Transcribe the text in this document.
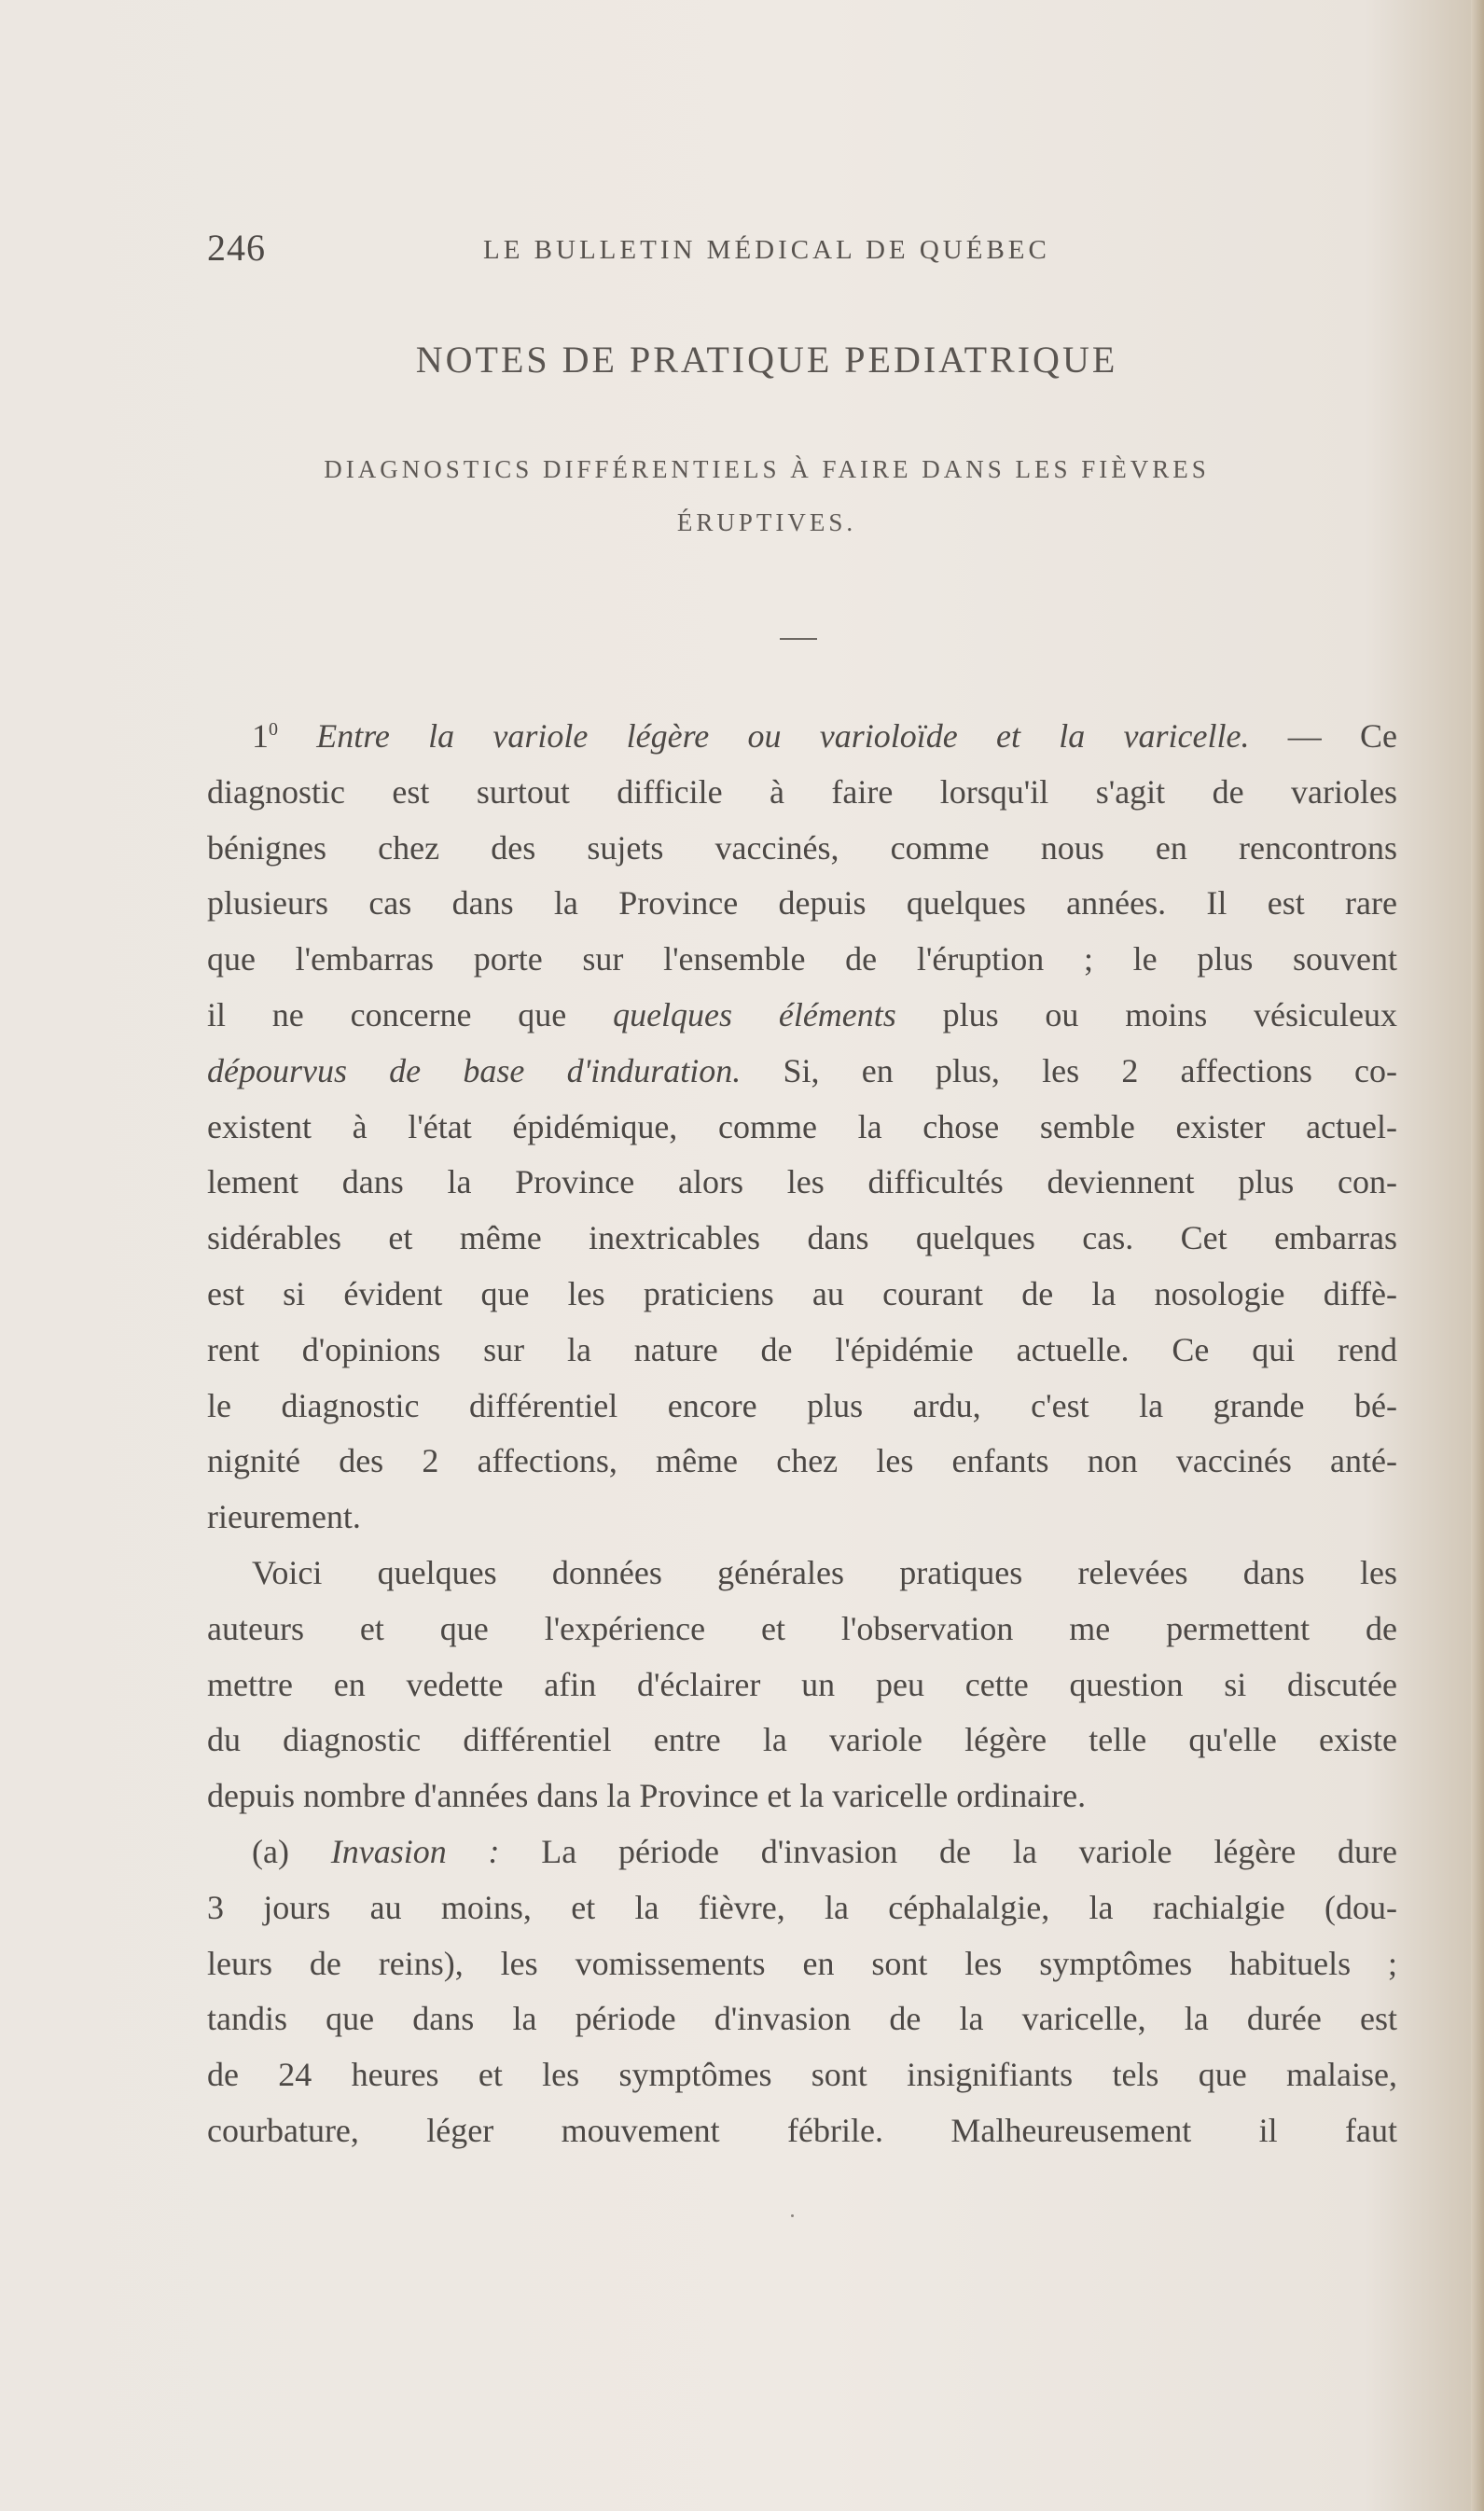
246	LE BULLETIN MÉDICAL DE QUÉBEC
NOTES DE PRATIQUE PEDIATRIQUE
DIAGNOSTICS DIFFÉRENTIELS À FAIRE DANS LES FIÈVRES
ÉRUPTIVES.
$1^0$ Entre la variole légère ou varioloïde et la varicelle. — Ce
diagnostic est surtout difficile à faire lorsqu'il s'agit de varioles
bénignes chez des sujets vaccinés, comme nous en rencontrons
plusieurs cas dans la Province depuis quelques années. Il est rare
que l'embarras porte sur l'ensemble de l'éruption ; le plus souvent
il ne concerne que quelques éléments plus ou moins vésiculeux
dépourvus de base d'induration. Si, en plus, les 2 affections co-
existent à l'état épidémique, comme la chose semble exister actuel-
lement dans la Province alors les difficultés deviennent plus con-
sidérables et même inextricables dans quelques cas. Cet embarras
est si évident que les praticiens au courant de la nosologie diffè-
rent d'opinions sur la nature de l'épidémie actuelle. Ce qui rend
le diagnostic différentiel encore plus ardu, c'est la grande bé-
nignité des 2 affections, même chez les enfants non vaccinés anté-
rieurement.
Voici quelques données générales pratiques relevées dans les
auteurs et que l'expérience et l'observation me permettent de
mettre en vedette afin d'éclairer un peu cette question si discutée
du diagnostic différentiel entre la variole légère telle qu'elle existe
depuis nombre d'années dans la Province et la varicelle ordinaire.
(a) Invasion : La période d'invasion de la variole légère dure
3 jours au moins, et la fièvre, la céphalalgie, la rachialgie (dou-
leurs de reins), les vomissements en sont les symptômes habituels ;
tandis que dans la période d'invasion de la varicelle, la durée est
de 24 heures et les symptômes sont insignifiants tels que malaise,
courbature, léger mouvement fébrile. Malheureusement il faut
